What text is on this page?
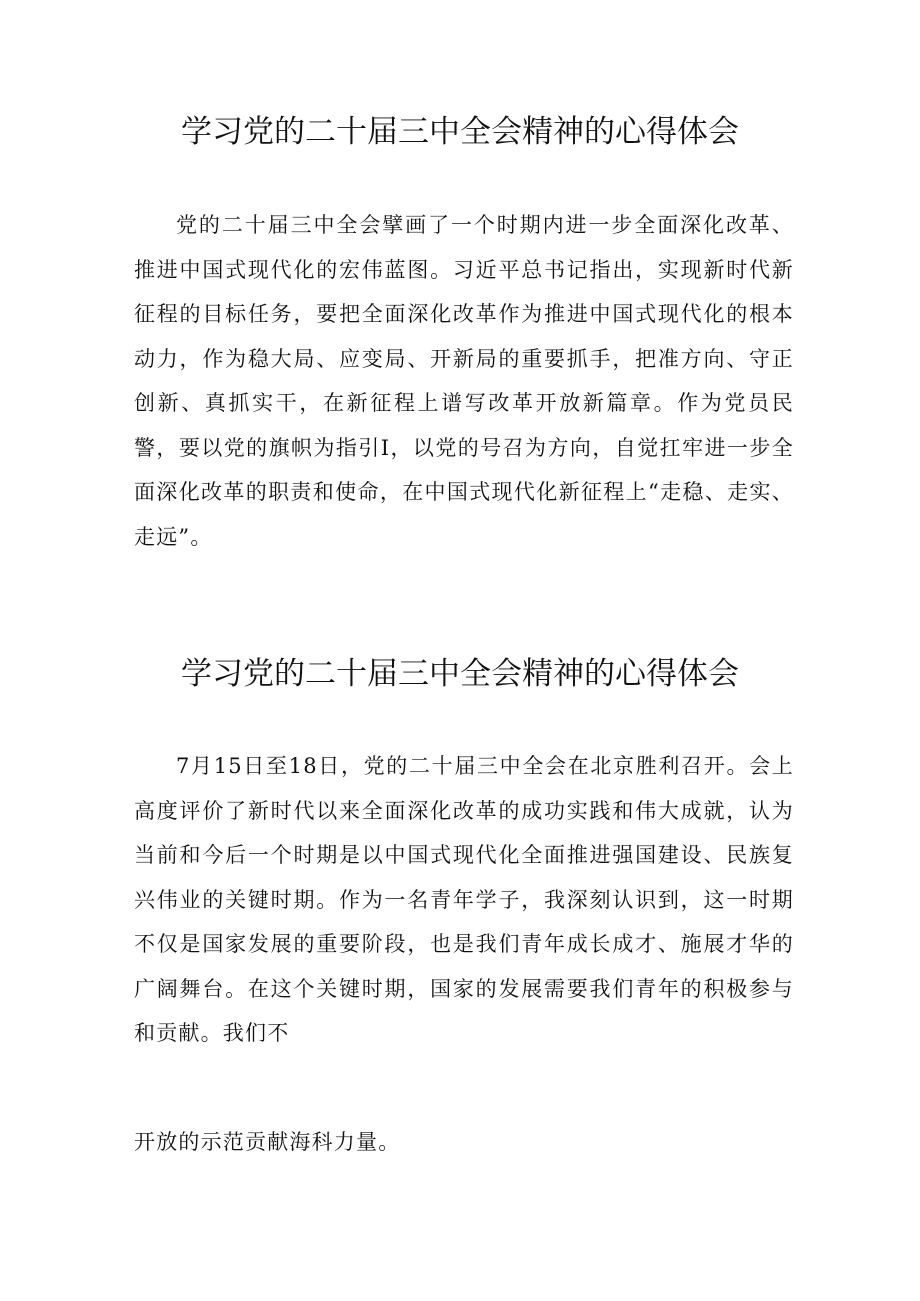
学习党的二十届三中全会精神的心得体会

党的二十届三中全会擘画了一个时期内进一步全面深化改革、推进中国式现代化的宏伟蓝图。习近平总书记指出，实现新时代新征程的目标任务，要把全面深化改革作为推进中国式现代化的根本动力，作为稳大局、应变局、开新局的重要抓手，把准方向、守正创新、真抓实干，在新征程上谱写改革开放新篇章。作为党员民警，要以党的旗帜为指引I，以党的号召为方向，自觉扛牢进一步全面深化改革的职责和使命，在中国式现代化新征程上“走稳、走实、走远”。

学习党的二十届三中全会精神的心得体会

7月15日至18日，党的二十届三中全会在北京胜利召开。会上高度评价了新时代以来全面深化改革的成功实践和伟大成就，认为当前和今后一个时期是以中国式现代化全面推进强国建设、民族复兴伟业的关键时期。作为一名青年学子，我深刻认识到，这一时期不仅是国家发展的重要阶段，也是我们青年成长成才、施展才华的广阔舞台。在这个关键时期，国家的发展需要我们青年的积极参与和贡献。我们不

开放的示范贡献海科力量。
